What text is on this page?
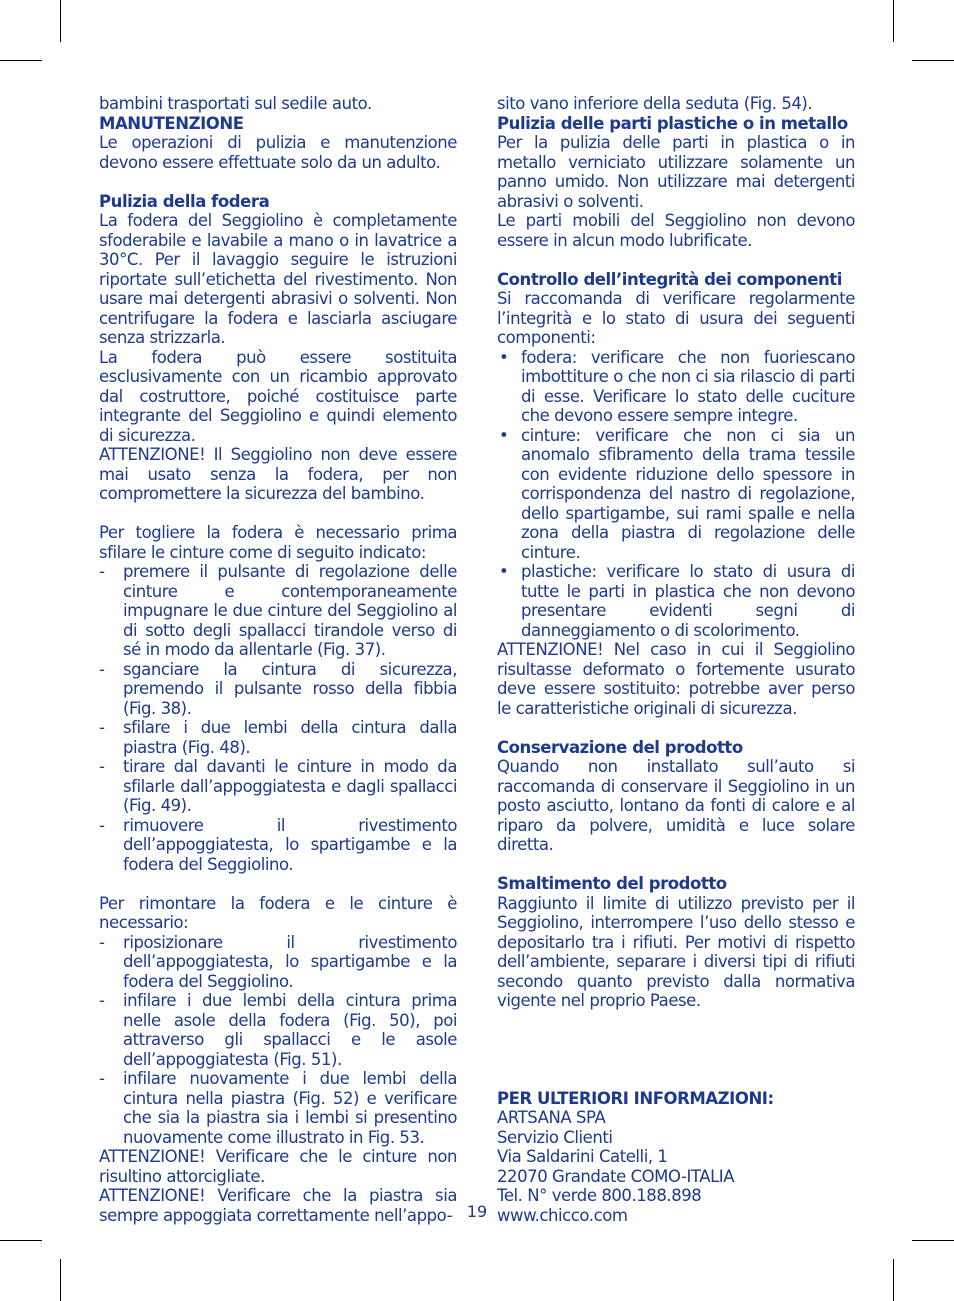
bambini trasportati sul sedile auto.

MANUTENZIONE

Le operazioni di pulizia e manutenzione devono essere effettuate solo da un adulto.

Pulizia della fodera

La fodera del Seggiolino è completamente sfoderabile e lavabile a mano o in lavatrice a 30°C. Per il lavaggio seguire le istruzioni riportate sull’etichetta del rivestimento. Non usare mai detergenti abrasivi o solventi. Non centrifugare la fodera e lasciarla asciugare senza strizzarla.

La fodera può essere sostituita esclusivamente con un ricambio approvato dal costruttore, poiché costituisce parte integrante del Seggiolino e quindi elemento di sicurezza.

ATTENZIONE! Il Seggiolino non deve essere mai usato senza la fodera, per non compromettere la sicurezza del bambino.

Per togliere la fodera è necessario prima sfilare le cinture come di seguito indicato:

- premere il pulsante di regolazione delle cinture e contemporaneamente impugnare le due cinture del Seggiolino al di sotto degli spallacci tirandole verso di sé in modo da allentarle (Fig. 37).
- sganciare la cintura di sicurezza, premendo il pulsante rosso della fibbia (Fig. 38).
- sfilare i due lembi della cintura dalla piastra (Fig. 48).
- tirare dal davanti le cinture in modo da sfilarle dall’appoggiatesta e dagli spallacci (Fig. 49).
- rimuovere il rivestimento dell’appoggiatesta, lo spartigambe e la fodera del Seggiolino.

Per rimontare la fodera e le cinture è necessario:

- riposizionare il rivestimento dell’appoggiatesta, lo spartigambe e la fodera del Seggiolino.
- infilare i due lembi della cintura prima nelle asole della fodera (Fig. 50), poi attraverso gli spallacci e le asole dell’appoggiatesta (Fig. 51).
- infilare nuovamente i due lembi della cintura nella piastra (Fig. 52) e verificare che sia la piastra sia i lembi si presentino nuovamente come illustrato in Fig. 53.

ATTENZIONE! Verificare che le cinture non risultino attorcigliate.

ATTENZIONE! Verificare che la piastra sia sempre appoggiata correttamente nell’appo-

sito vano inferiore della seduta (Fig. 54).

Pulizia delle parti plastiche o in metallo

Per la pulizia delle parti in plastica o in metallo verniciato utilizzare solamente un panno umido. Non utilizzare mai detergenti abrasivi o solventi.

Le parti mobili del Seggiolino non devono essere in alcun modo lubrificate.

Controllo dell’integrità dei componenti

Si raccomanda di verificare regolarmente l’integrità e lo stato di usura dei seguenti componenti:

• fodera: verificare che non fuoriescano imbottiture o che non ci sia rilascio di parti di esse. Verificare lo stato delle cuciture che devono essere sempre integre.
• cinture: verificare che non ci sia un anomalo sfibramento della trama tessile con evidente riduzione dello spessore in corrispondenza del nastro di regolazione, dello spartigambe, sui rami spalle e nella zona della piastra di regolazione delle cinture.
• plastiche: verificare lo stato di usura di tutte le parti in plastica che non devono presentare evidenti segni di danneggiamento o di scolorimento.

ATTENZIONE! Nel caso in cui il Seggiolino risultasse deformato o fortemente usurato deve essere sostituito: potrebbe aver perso le caratteristiche originali di sicurezza.

Conservazione del prodotto

Quando non installato sull’auto si raccomanda di conservare il Seggiolino in un posto asciutto, lontano da fonti di calore e al riparo da polvere, umidità e luce solare diretta.

Smaltimento del prodotto

Raggiunto il limite di utilizzo previsto per il Seggiolino, interrompere l’uso dello stesso e depositarlo tra i rifiuti. Per motivi di rispetto dell’ambiente, separare i diversi tipi di rifiuti secondo quanto previsto dalla normativa vigente nel proprio Paese.

PER ULTERIORI INFORMAZIONI:

ARTSANA SPA

Servizio Clienti

Via Saldarini Catelli, 1

22070 Grandate COMO-ITALIA

Tel. N° verde 800.188.898

www.chicco.com

19
